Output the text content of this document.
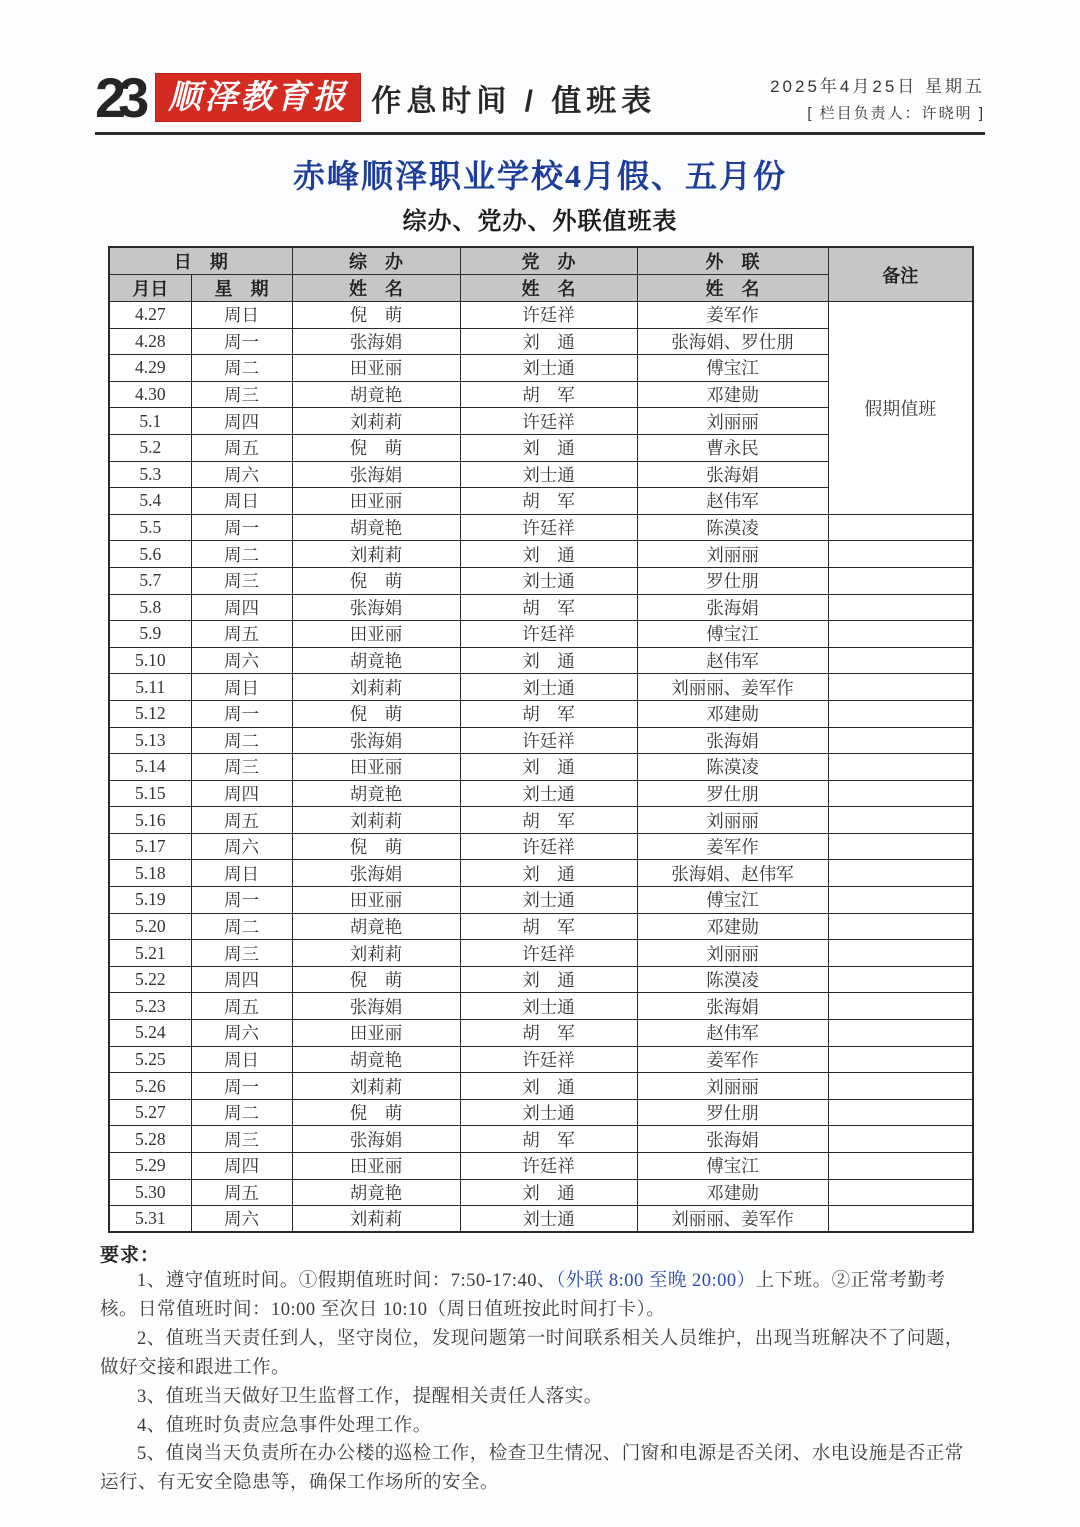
23 顺泽教育报 作息时间 / 值班表	2025年4月25日 星期五
[ 栏目负责人：许晓明 ]
赤峰顺泽职业学校4月假、五月份
综办、党办、外联值班表
日　期		综　办	党　办	外　联	备注
月日	星　期	姓　名	姓　名	姓　名	
4.27	周日	倪　萌	许廷祥	姜军作	假期值班
4.28	周一	张海娟	刘　通	张海娟、罗仕朋	
4.29	周二	田亚丽	刘士通	傅宝江	
4.30	周三	胡竟艳	胡　军	邓建勋	
5.1	周四	刘莉莉	许廷祥	刘丽丽	
5.2	周五	倪　萌	刘　通	曹永民	
5.3	周六	张海娟	刘士通	张海娟	
5.4	周日	田亚丽	胡　军	赵伟军	
5.5	周一	胡竟艳	许廷祥	陈漠凌	
5.6	周二	刘莉莉	刘　通	刘丽丽	
5.7	周三	倪　萌	刘士通	罗仕朋	
5.8	周四	张海娟	胡　军	张海娟	
5.9	周五	田亚丽	许廷祥	傅宝江	
5.10	周六	胡竟艳	刘　通	赵伟军	
5.11	周日	刘莉莉	刘士通	刘丽丽、姜军作	
5.12	周一	倪　萌	胡　军	邓建勋	
5.13	周二	张海娟	许廷祥	张海娟	
5.14	周三	田亚丽	刘　通	陈漠凌	
5.15	周四	胡竟艳	刘士通	罗仕朋	
5.16	周五	刘莉莉	胡　军	刘丽丽	
5.17	周六	倪　萌	许廷祥	姜军作	
5.18	周日	张海娟	刘　通	张海娟、赵伟军	
5.19	周一	田亚丽	刘士通	傅宝江	
5.20	周二	胡竟艳	胡　军	邓建勋	
5.21	周三	刘莉莉	许廷祥	刘丽丽	
5.22	周四	倪　萌	刘　通	陈漠凌	
5.23	周五	张海娟	刘士通	张海娟	
5.24	周六	田亚丽	胡　军	赵伟军	
5.25	周日	胡竟艳	许廷祥	姜军作	
5.26	周一	刘莉莉	刘　通	刘丽丽	
5.27	周二	倪　萌	刘士通	罗仕朋	
5.28	周三	张海娟	胡　军	张海娟	
5.29	周四	田亚丽	许廷祥	傅宝江	
5.30	周五	胡竟艳	刘　通	邓建勋	
5.31	周六	刘莉莉	刘士通	刘丽丽、姜军作	
要求：

1、遵守值班时间。①假期值班时间：7:50-17:40、（外联 8:00 至晚 20:00）上下班。②正常考勤考核。日常值班时间：10:00 至次日 10:10（周日值班按此时间打卡）。

2、值班当天责任到人，坚守岗位，发现问题第一时间联系相关人员维护，出现当班解决不了问题，做好交接和跟进工作。

3、值班当天做好卫生监督工作，提醒相关责任人落实。

4、值班时负责应急事件处理工作。

5、值岗当天负责所在办公楼的巡检工作，检查卫生情况、门窗和电源是否关闭、水电设施是否正常运行、有无安全隐患等，确保工作场所的安全。
